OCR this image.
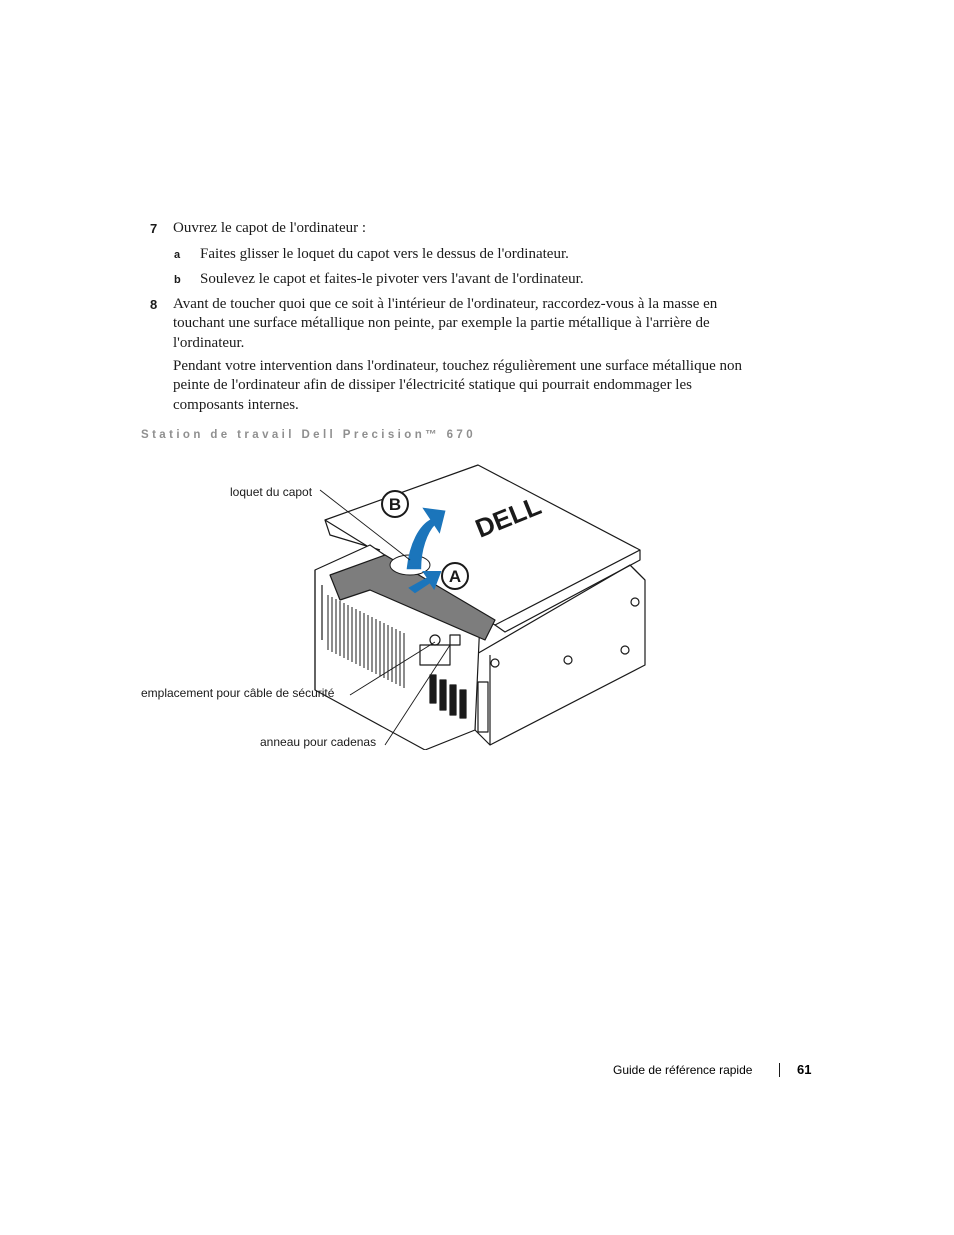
7 Ouvrez le capot de l'ordinateur :
a Faites glisser le loquet du capot vers le dessus de l'ordinateur.
b Soulevez le capot et faites-le pivoter vers l'avant de l'ordinateur.
8 Avant de toucher quoi que ce soit à l'intérieur de l'ordinateur, raccordez-vous à la masse en touchant une surface métallique non peinte, par exemple la partie métallique à l'arrière de l'ordinateur.
Pendant votre intervention dans l'ordinateur, touchez régulièrement une surface métallique non peinte de l'ordinateur afin de dissiper l'électricité statique qui pourrait endommager les composants internes.
Station de travail Dell Precision™ 670
DELL
B
A
loquet du capot
emplacement pour câble de sécurité
anneau pour cadenas
Guide de référence rapide	61
